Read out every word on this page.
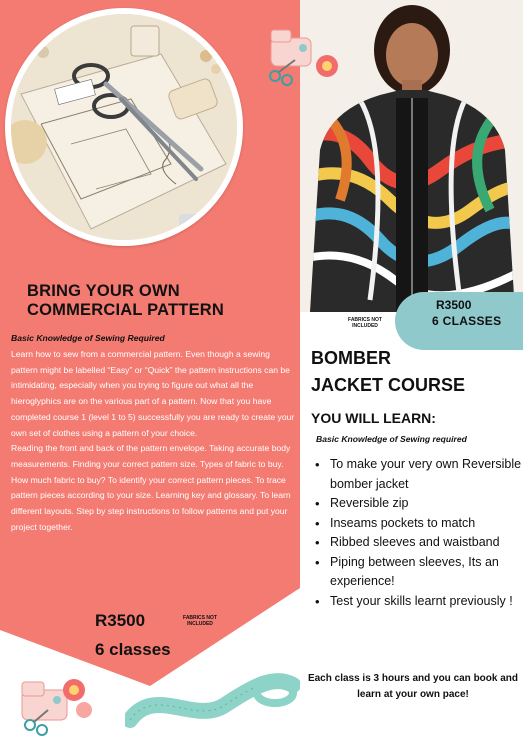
BRING YOUR OWN
COMMERCIAL PATTERN
Basic Knowledge of Sewing Required

Learn how to sew from a commercial pattern. Even though a sewing pattern might be labelled “Easy” or “Quick” the pattern instructions can be intimidating, especially when you trying to figure out what all the hieroglyphics are on the various part of a pattern. Now that you have completed course 1 (level 1 to 5) successfully you are ready to create your own set of clothes using a pattern of your choice.

Reading the front and back of the pattern envelope. Taking accurate body measurements. Finding your correct pattern size. Types of fabric to buy. How much fabric to buy? To identify your correct pattern pieces. To trace pattern pieces according to your size. Learning key and glossary. To learn different layouts. Step by step instructions to follow patterns and put your project together.

R3500	FABRICS NOT
INCLUDED
6 classes
R3500
6 CLASSES
FABRICS NOT
INCLUDED
BOMBER
JACKET COURSE
YOU WILL LEARN:
Basic Knowledge of Sewing required
• To make your very own Reversible bomber jacket
• Reversible zip
• Inseams pockets to match
• Ribbed sleeves and waistband
• Piping between sleeves, Its an experience!
• Test your skills learnt previously !
Each class is 3 hours and you can book and learn at your own pace!
